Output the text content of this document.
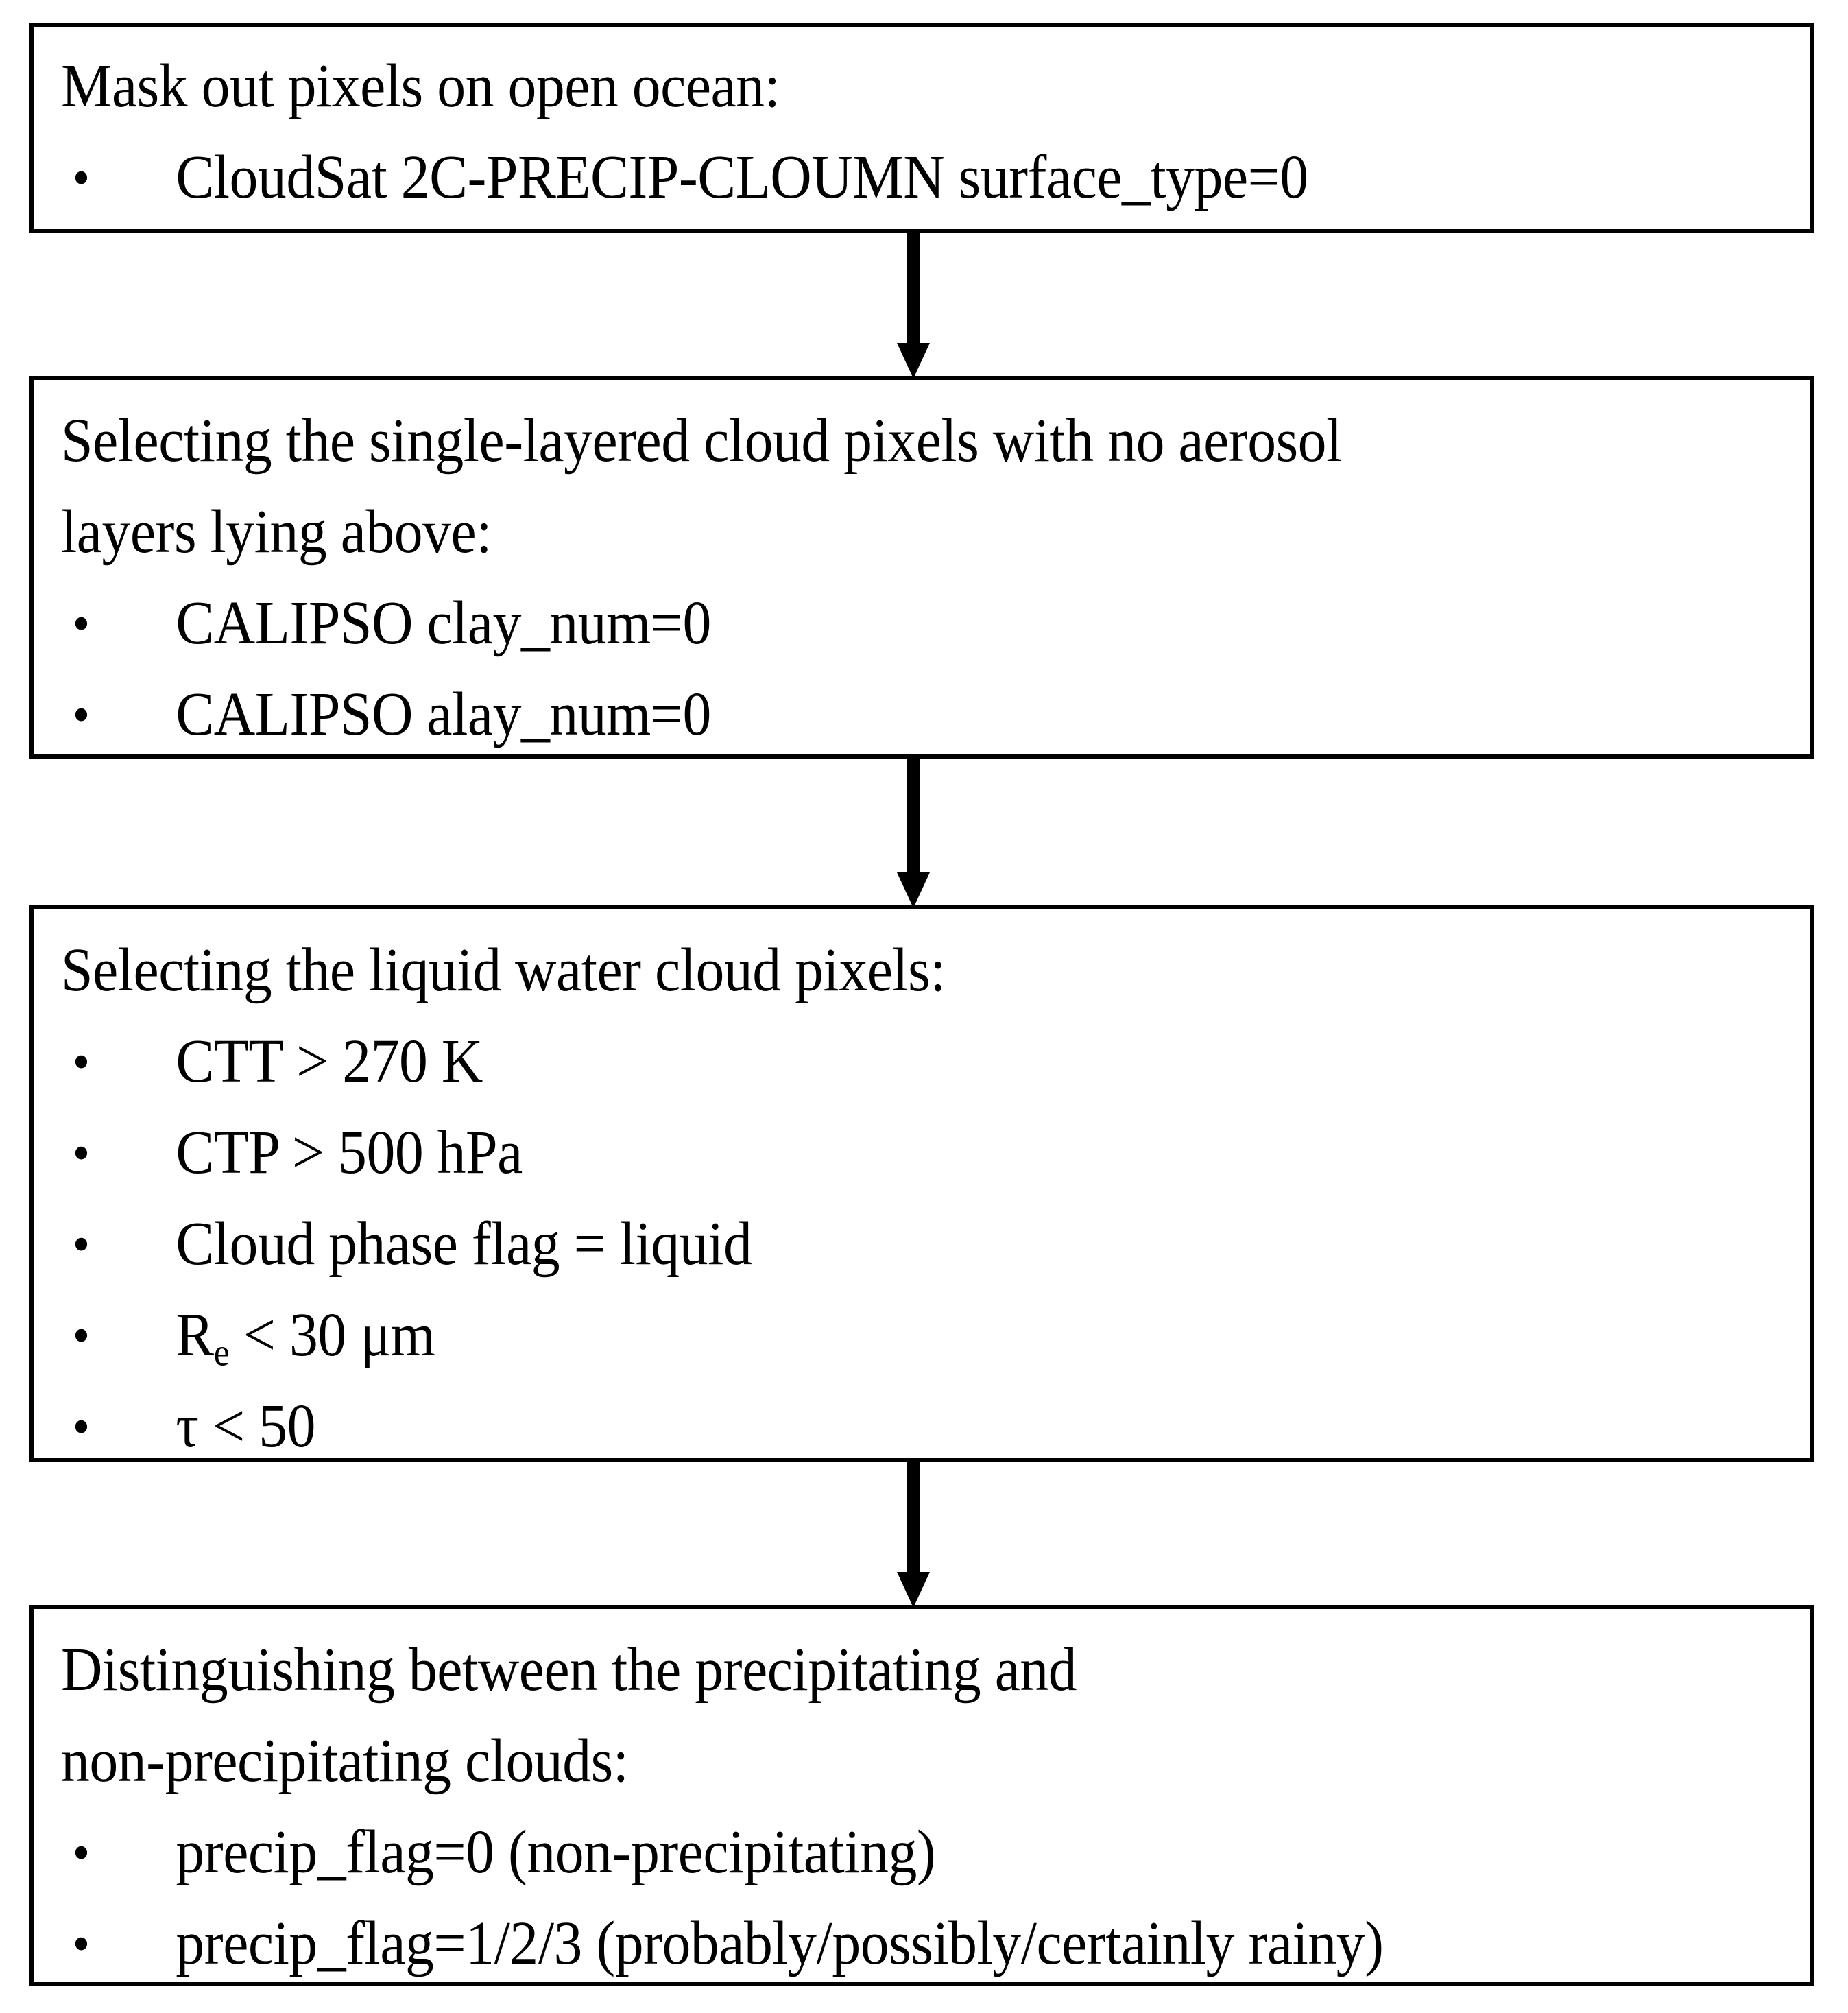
Mask out pixels on open ocean:
• CloudSat 2C-PRECIP-CLOUMN surface_type=0
Selecting the single-layered cloud pixels with no aerosol
layers lying above:
• CALIPSO clay_num=0
• CALIPSO alay_num=0
Selecting the liquid water cloud pixels:
• CTT > 270 K
• CTP > 500 hPa
• Cloud phase flag = liquid
• $R_e < 30$ μm
• τ < 50
Distinguishing between the precipitating and
non-precipitating clouds:
• precip_flag=0 (non-precipitating)
• precip_flag=1/2/3 (probably/possibly/certainly rainy)
